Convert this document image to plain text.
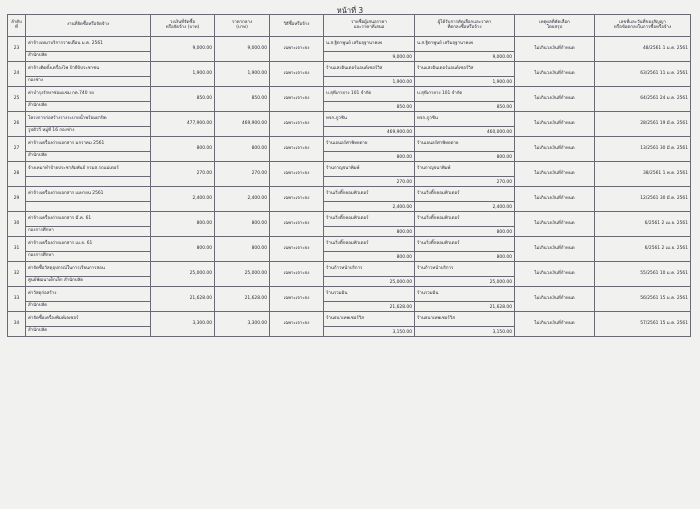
หน้าที่ 3
ลำดับที่	งานที่จัดซื้อหรือจัดจ้าง	วงเงินที่จัดซื้อ
หรือจัดจ้าง (บาท)	ราคากลาง
(บาท)	วิธีซื้อหรือจ้าง	รายชื่อผู้เสนอราคา
และราคาที่เสนอ	ผู้ได้รับการคัดเลือกและราคา
ที่ตกลงซื้อหรือจ้าง	เหตุผลที่คัดเลือก
โดยสรุป	เลขที่และวันที่ของสัญญา
หรือข้อตกลงในการซื้อหรือจ้าง

23	ค่าจ้างเหมาบริการรายเดือน ม.ค. 2561	9,000.00	9,000.00	เฉพาะเจาะจง	น.ส.ฐิตาพูนย์ เสริมฤฐานาคเพ	น.ส.ฐิตาพูนย์ เสริมฤฐานาคเพ	ไม่เกินวงเงินที่กำหนด	48/2561 1 ม.ค. 2561
	สำนักปลัด				9,000.00	9,000.00		
24	ค่าจ้างติดตั้งเครื่องไฟ ป้ายีบิประชาชน	1,900.00	1,900.00	เฉพาะเจาะจง	ร้านแสงอินเตอร์แอนด์เซอร์วิส	ร้านแสงอินเตอร์แอนด์เซอร์วิส	ไม่เกินวงเงินที่กำหนด	63/2561 11 ม.ค. 2561
	กองช่าง				1,900.00	1,900.00		
25	ค่าบำรุงรักษาซ่อมแซม กค.740 รย	850.00	850.00	เฉพาะเจาะจง	บ.สุทีเกายาง 101 จำกัด	บ.สุทีเกายาง 101 จำกัด	ไม่เกินวงเงินที่กำหนด	64/2561 24 ม.ค. 2561
	สำนักปลัด				850.00	850.00		
26	โครงการก่อสร้างรางระบายน้ำพร้อมฝาปิด	477,900.00	469,900.00	เฉพาะเจาะจง	หจก.ภูวชิน	หจก.ภูวชิน	ไม่เกินวงเงินที่กำหนด	28/2561 19 มี.ค. 2561
	รูปตัววี หมู่ที่ 16 กองช่าง				469,900.00	460,000.00		
27	ค่าจ้างเครื่องถ่ายเอกสาร มกราคม 2561	800.00	800.00	เฉพาะเจาะจง	ร้านเอนอร์ศาพิทยดาย	ร้านเอนอร์ศาพิทยดาย	ไม่เกินวงเงินที่กำหนด	13/2561 30 มี.ค. 2561
	สำนักปลัด				800.00	800.00		
28	จ้างเหมาทำป้ายประชาสัมพันธ์ กรมส.รถแม่เตอร์	270.00	270.00	เฉพาะเจาะจง	ร้านกาญจนาพิมพ์	ร้านกาญจนาพิมพ์	ไม่เกินวงเงินที่กำหนด	38/2561 1 พ.ค. 2561
					270.00	270.00		
29	ค่าจ้างเครื่องถ่ายเอกสาร เมษายน 2561	2,400.00	2,400.00	เฉพาะเจาะจง	ร้านเริ่งติ๊กคอมพิวเตอร์	ร้านเริ่งติ๊กคอมพิวเตอร์	ไม่เกินวงเงินที่กำหนด	12/2561 30 มี.ค. 2561
					2,400.00	2,400.00		
30	ค่าจ้างเครื่องถ่ายเอกสาร มี.ค. 61	800.00	800.00	เฉพาะเจาะจง	ร้านเริ่งติ๊กคอมพิวเตอร์	ร้านเริ่งติ๊กคอมพิวเตอร์	ไม่เกินวงเงินที่กำหนด	6/2561 2 เม.ย. 2561
	กองการศึกษา				800.00	800.00		
31	ค่าจ้างเครื่องถ่ายเอกสาร เม.ย. 61	800.00	800.00	เฉพาะเจาะจง	ร้านเริ่งติ๊กคอมพิวเตอร์	ร้านเริ่งติ๊กคอมพิวเตอร์	ไม่เกินวงเงินที่กำหนด	6/2561 2 เม.ย. 2561
	กองการศึกษา				800.00	800.00		
32	ค่าจัดซื้อวัสดุอุปกรณ์ในการเรียนการสอน	25,000.00	25,000.00	เฉพาะเจาะจง	ร้านก้าวหน้าบริการ	ร้านก้าวหน้าบริการ	ไม่เกินวงเงินที่กำหนด	55/2561 10 ม.ค. 2561
	ศูนย์พัฒนาเด็กเล็ก สำนักปลัด				25,000.00	25,000.00		
33	ค่าวัสดุก่อสร้าง	21,628.00	21,628.00	เฉพาะเจาะจง	ร้านรวมมิน	ร้านรวมมิน	ไม่เกินวงเงินที่กำหนด	56/2561 15 ม.ค. 2561
	สำนักปลัด				21,628.00	21,628.00		
34	ค่าจัดซื้อเครื่องพิมพ์เลเซอร์	3,300.00	3,300.00	เฉพาะเจาะจง	ร้านธนาเทพเซอร์วิส	ร้านธนาเทพเซอร์วิส	ไม่เกินวงเงินที่กำหนด	57/2561 15 ม.ค. 2561
	สำนักปลัด				3,150.00	3,150.00		
